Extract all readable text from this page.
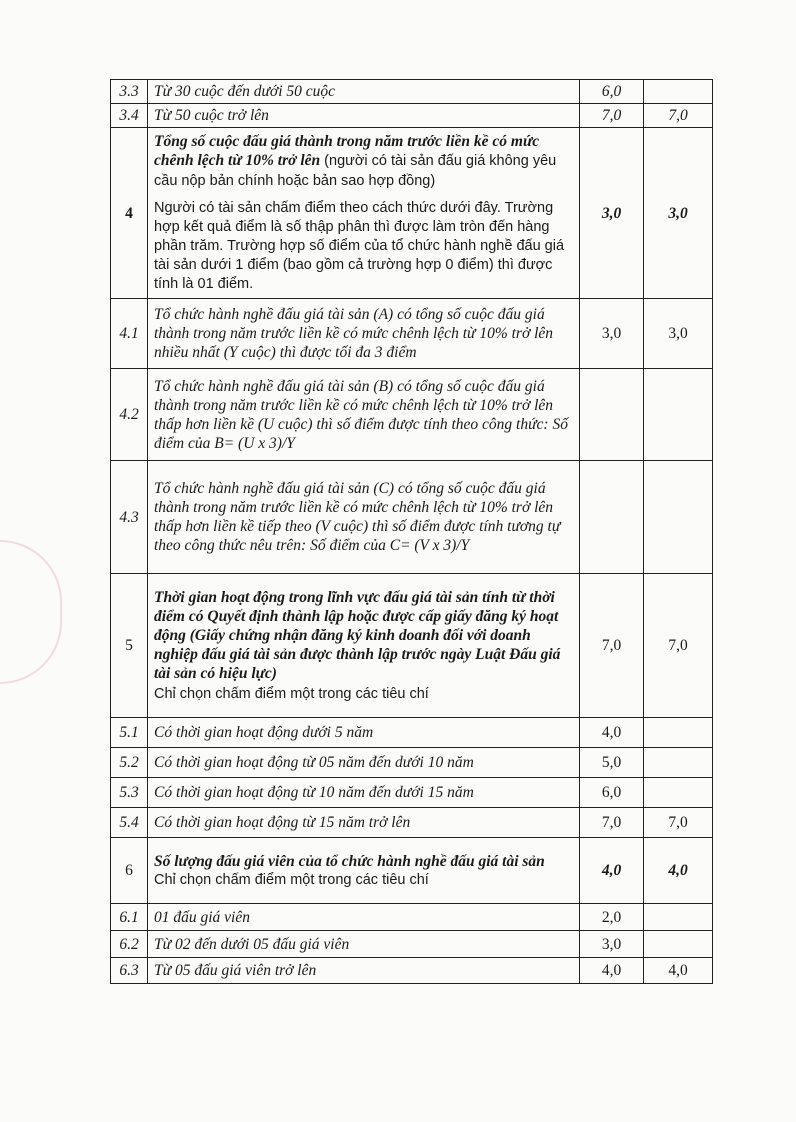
3.3	Từ 30 cuộc đến dưới 50 cuộc	6,0	
3.4	Từ 50 cuộc trở lên	7,0	7,0
4	Tổng số cuộc đấu giá thành trong năm trước liền kề có mức chênh lệch từ 10% trở lên (người có tài sản đấu giá không yêu cầu nộp bản chính hoặc bản sao hợp đồng)
Người có tài sản chấm điểm theo cách thức dưới đây. Trường hợp kết quả điểm là số thập phân thì được làm tròn đến hàng phần trăm. Trường hợp số điểm của tổ chức hành nghề đấu giá tài sản dưới 1 điểm (bao gồm cả trường hợp 0 điểm) thì được tính là 01 điểm.	3,0	3,0
4.1	Tổ chức hành nghề đấu giá tài sản (A) có tổng số cuộc đấu giá thành trong năm trước liền kề có mức chênh lệch từ 10% trở lên nhiều nhất (Y cuộc) thì được tối đa 3 điểm	3,0	3,0
4.2	Tổ chức hành nghề đấu giá tài sản (B) có tổng số cuộc đấu giá thành trong năm trước liền kề có mức chênh lệch từ 10% trở lên thấp hơn liền kề (U cuộc) thì số điểm được tính theo công thức: Số điểm của B= (U x 3)/Y		
4.3	Tổ chức hành nghề đấu giá tài sản (C) có tổng số cuộc đấu giá thành trong năm trước liền kề có mức chênh lệch từ 10% trở lên thấp hơn liền kề tiếp theo (V cuộc) thì số điểm được tính tương tự theo công thức nêu trên: Số điểm của C= (V x 3)/Y		
5	Thời gian hoạt động trong lĩnh vực đấu giá tài sản tính từ thời điểm có Quyết định thành lập hoặc được cấp giấy đăng ký hoạt động (Giấy chứng nhận đăng ký kinh doanh đối với doanh nghiệp đấu giá tài sản được thành lập trước ngày Luật Đấu giá tài sản có hiệu lực)
Chỉ chọn chấm điểm một trong các tiêu chí	7,0	7,0
5.1	Có thời gian hoạt động dưới 5 năm	4,0	
5.2	Có thời gian hoạt động từ 05 năm đến dưới 10 năm	5,0	
5.3	Có thời gian hoạt động từ 10 năm đến dưới 15 năm	6,0	
5.4	Có thời gian hoạt động từ 15 năm trở lên	7,0	7,0
6	Số lượng đấu giá viên của tổ chức hành nghề đấu giá tài sản
Chỉ chọn chấm điểm một trong các tiêu chí	4,0	4,0
6.1	01 đấu giá viên	2,0	
6.2	Từ 02 đến dưới 05 đấu giá viên	3,0	
6.3	Từ 05 đấu giá viên trở lên	4,0	4,0
